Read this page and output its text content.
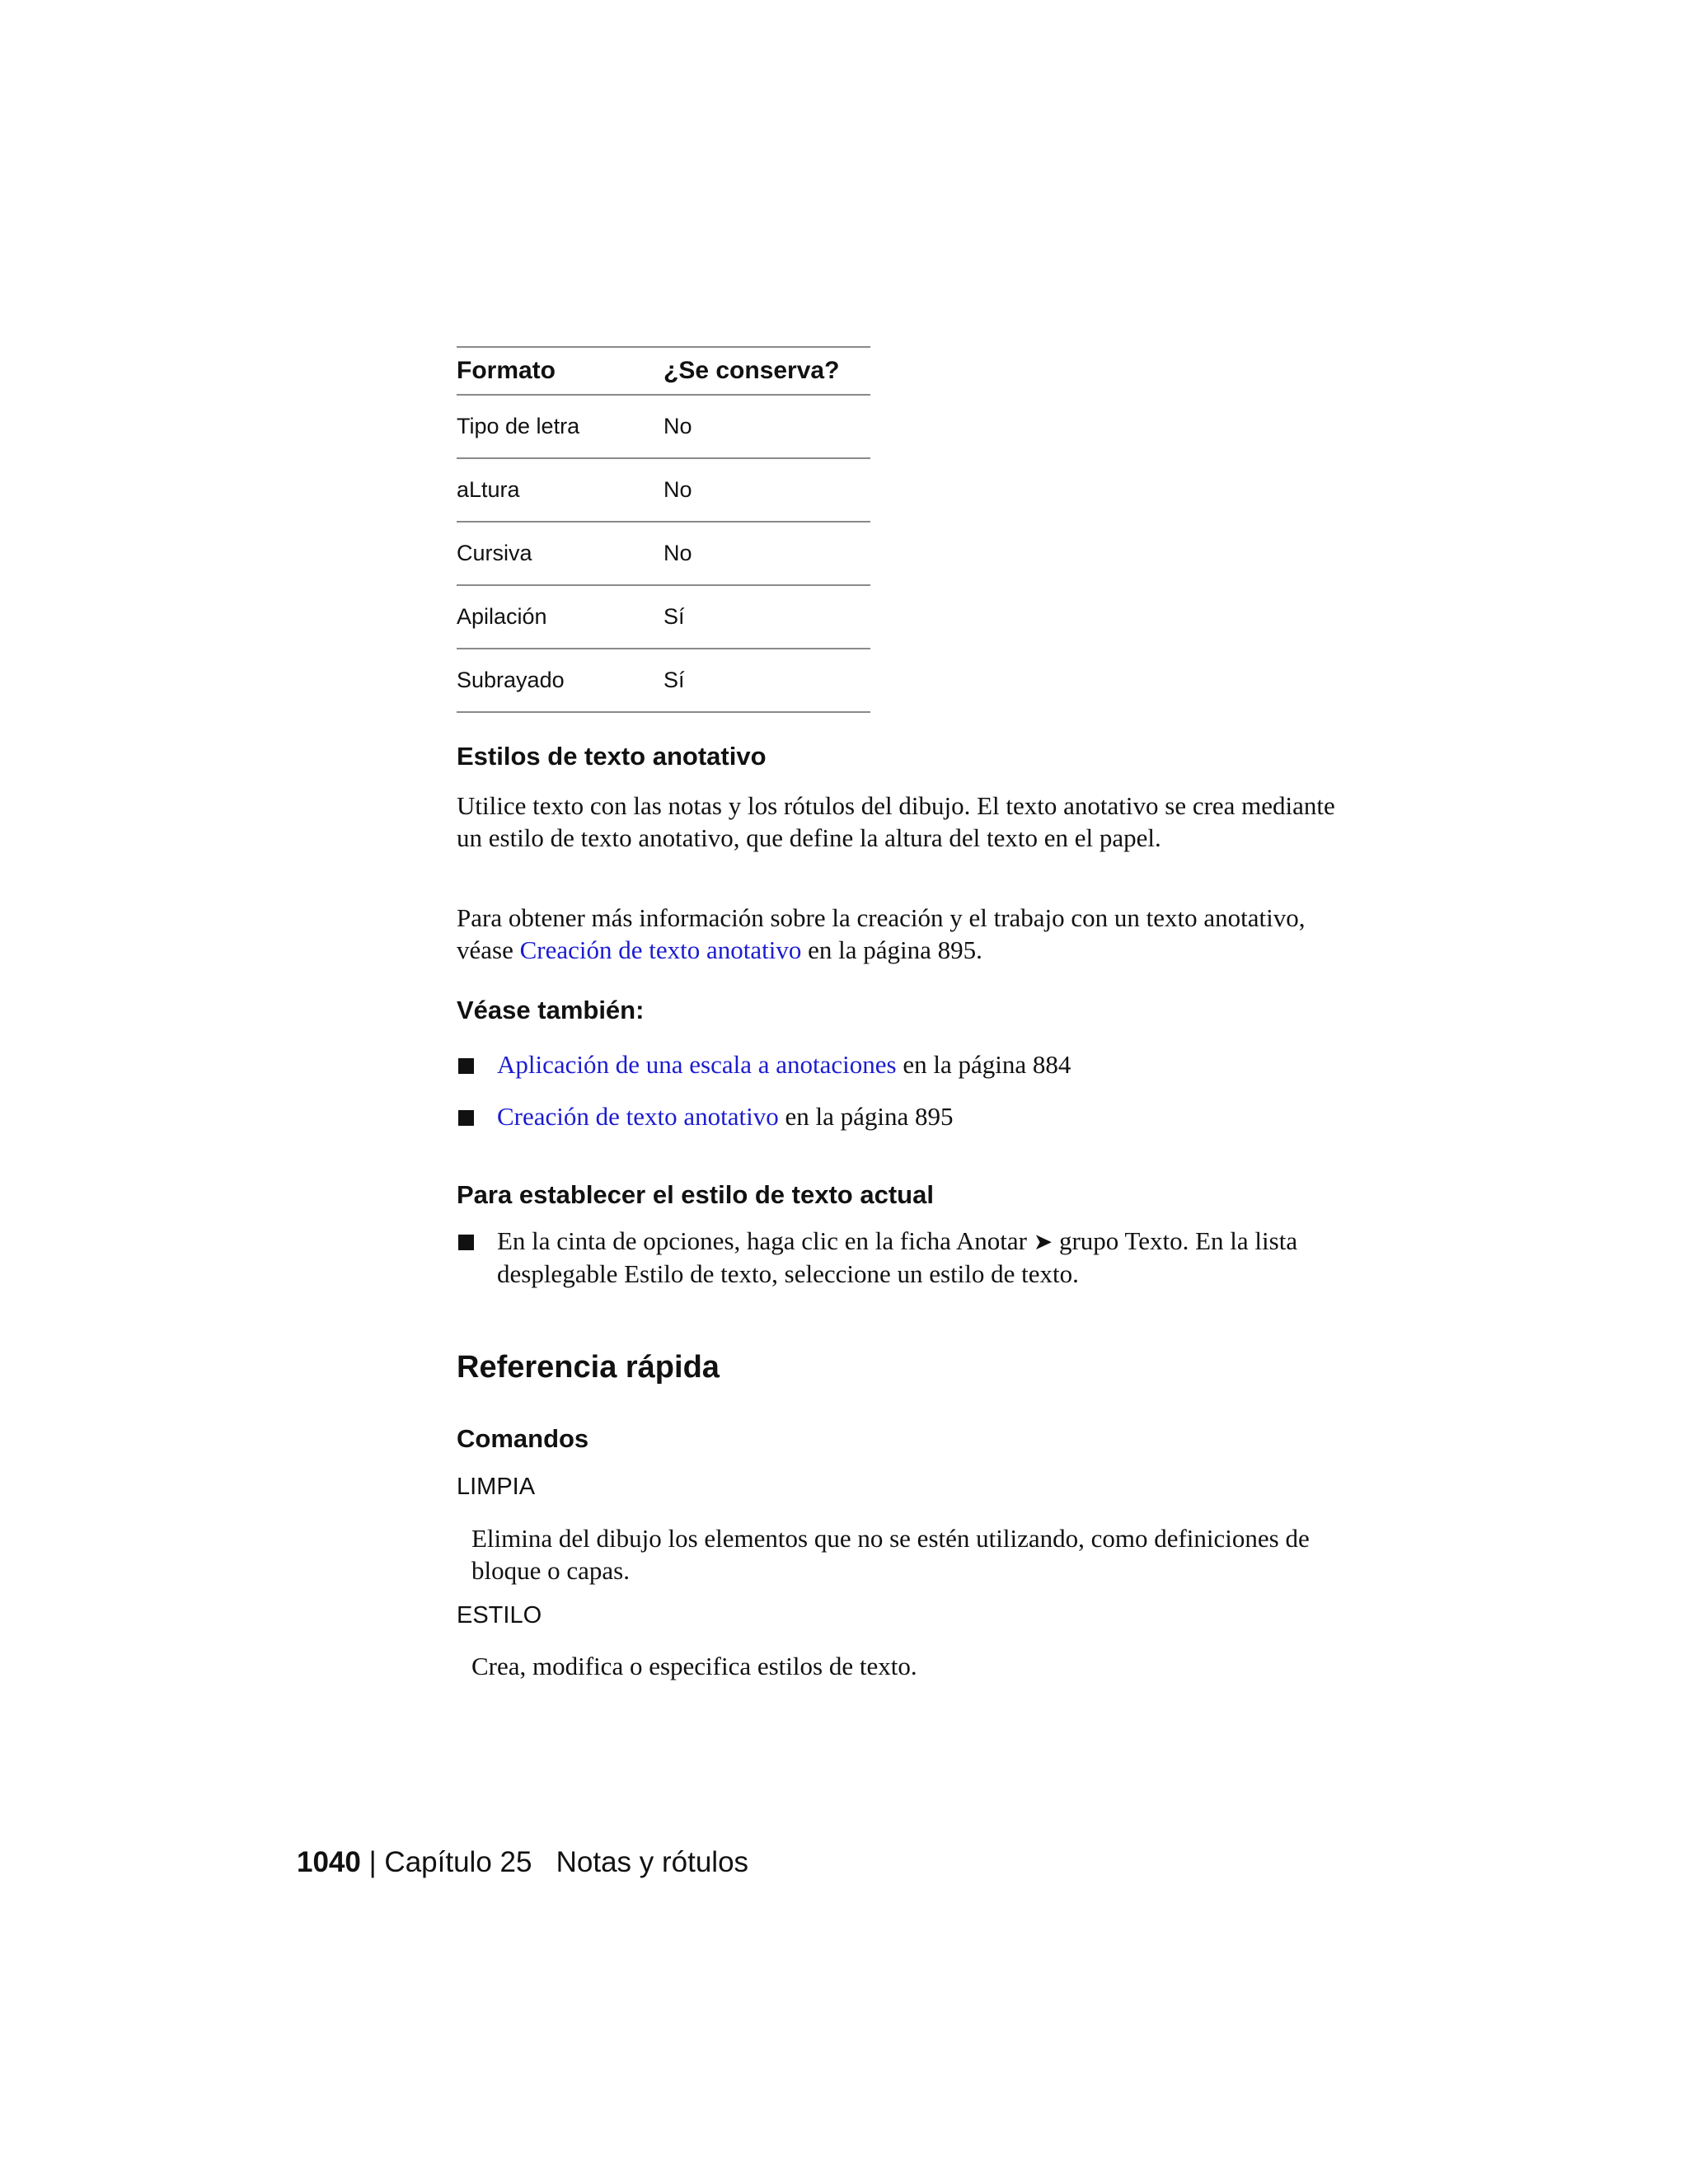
Formato	¿Se conserva?
Tipo de letra	No
aLtura	No
Cursiva	No
Apilación	Sí
Subrayado	Sí
Estilos de texto anotativo

Utilice texto con las notas y los rótulos del dibujo. El texto anotativo se crea mediante un estilo de texto anotativo, que define la altura del texto en el papel.

Para obtener más información sobre la creación y el trabajo con un texto anotativo, véase Creación de texto anotativo en la página 895.

Véase también:

Aplicación de una escala a anotaciones en la página 884

Creación de texto anotativo en la página 895

Para establecer el estilo de texto actual

En la cinta de opciones, haga clic en la ficha Anotar ➤ grupo Texto. En la lista desplegable Estilo de texto, seleccione un estilo de texto.

Referencia rápida
Comandos
LIMPIA

Elimina del dibujo los elementos que no se estén utilizando, como definiciones de bloque o capas.

ESTILO

Crea, modifica o especifica estilos de texto.

1040 | Capítulo 25   Notas y rótulos
